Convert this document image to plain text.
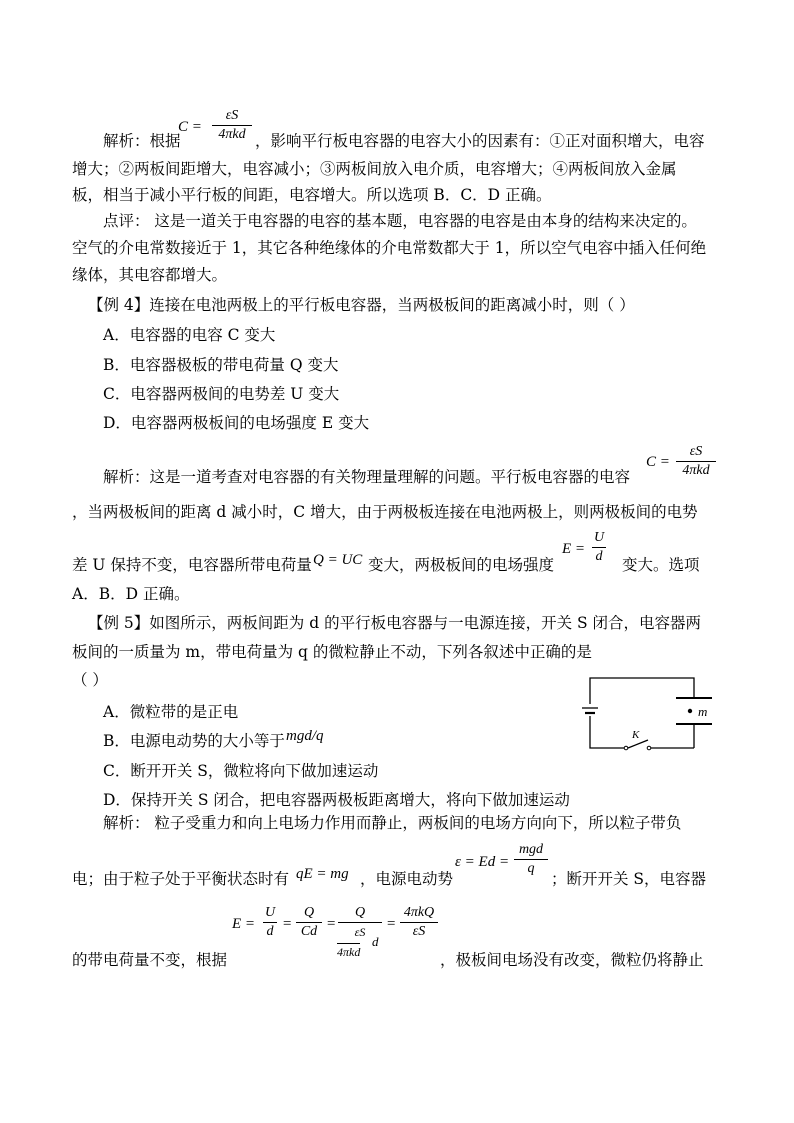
解析：根据
C =
εS
4πkd ，影响平行板电容器的电容大小的因素有：①正对面积增大，电容
增大；②两板间距增大，电容减小；③两板间放入电介质，电容增大；④两板间放入金属
板，相当于减小平行板的间距，电容增大。所以选项 B．C．D 正确。
点评： 这是一道关于电容器的电容的基本题，电容器的电容是由本身的结构来决定的。
空气的介电常数接近于 1，其它各种绝缘体的介电常数都大于 1，所以空气电容中插入任何绝
缘体，其电容都增大。
【例 4】连接在电池两极上的平行板电容器，当两极板间的距离减小时，则（ ）
A．电容器的电容 C 变大
B．电容器极板的带电荷量 Q 变大
C．电容器两极间的电势差 U 变大
D．电容器两极板间的电场强度 E 变大
解析：这是一道考查对电容器的有关物理量理解的问题。平行板电容器的电容
C =
εS
4πkd
，当两极板间的距离 d 减小时，C 增大，由于两极板连接在电池两极上，则两极板间的电势
差 U 保持不变，电容器所带电荷量 Q = UC 变大，两极板间的电场强度
E =
U
d 变大。选项
A．B．D 正确。
【例 5】如图所示，两板间距为 d 的平行板电容器与一电源连接，开关 S 闭合，电容器两
板间的一质量为 m，带电荷量为 q 的微粒静止不动，下列各叙述中正确的是
（ ）
A．微粒带的是正电
B．电源电动势的大小等于 mgd/q
C．断开开关 S，微粒将向下做加速运动
D．保持开关 S 闭合，把电容器两极板距离增大，将向下做加速运动
m
K
解析： 粒子受重力和向上电场力作用而静止，两板间的电场方向向下，所以粒子带负
电；由于粒子处于平衡状态时有 qE = mg ，电源电动势
ε = Ed =
mgd
q
；断开开关 S，电容器
E =
U
d =
Q
Cd =
Q
εS
4πkd
d
=
4πkQ
εS
的带电荷量不变，根据	，极板间电场没有改变，微粒仍将静止
